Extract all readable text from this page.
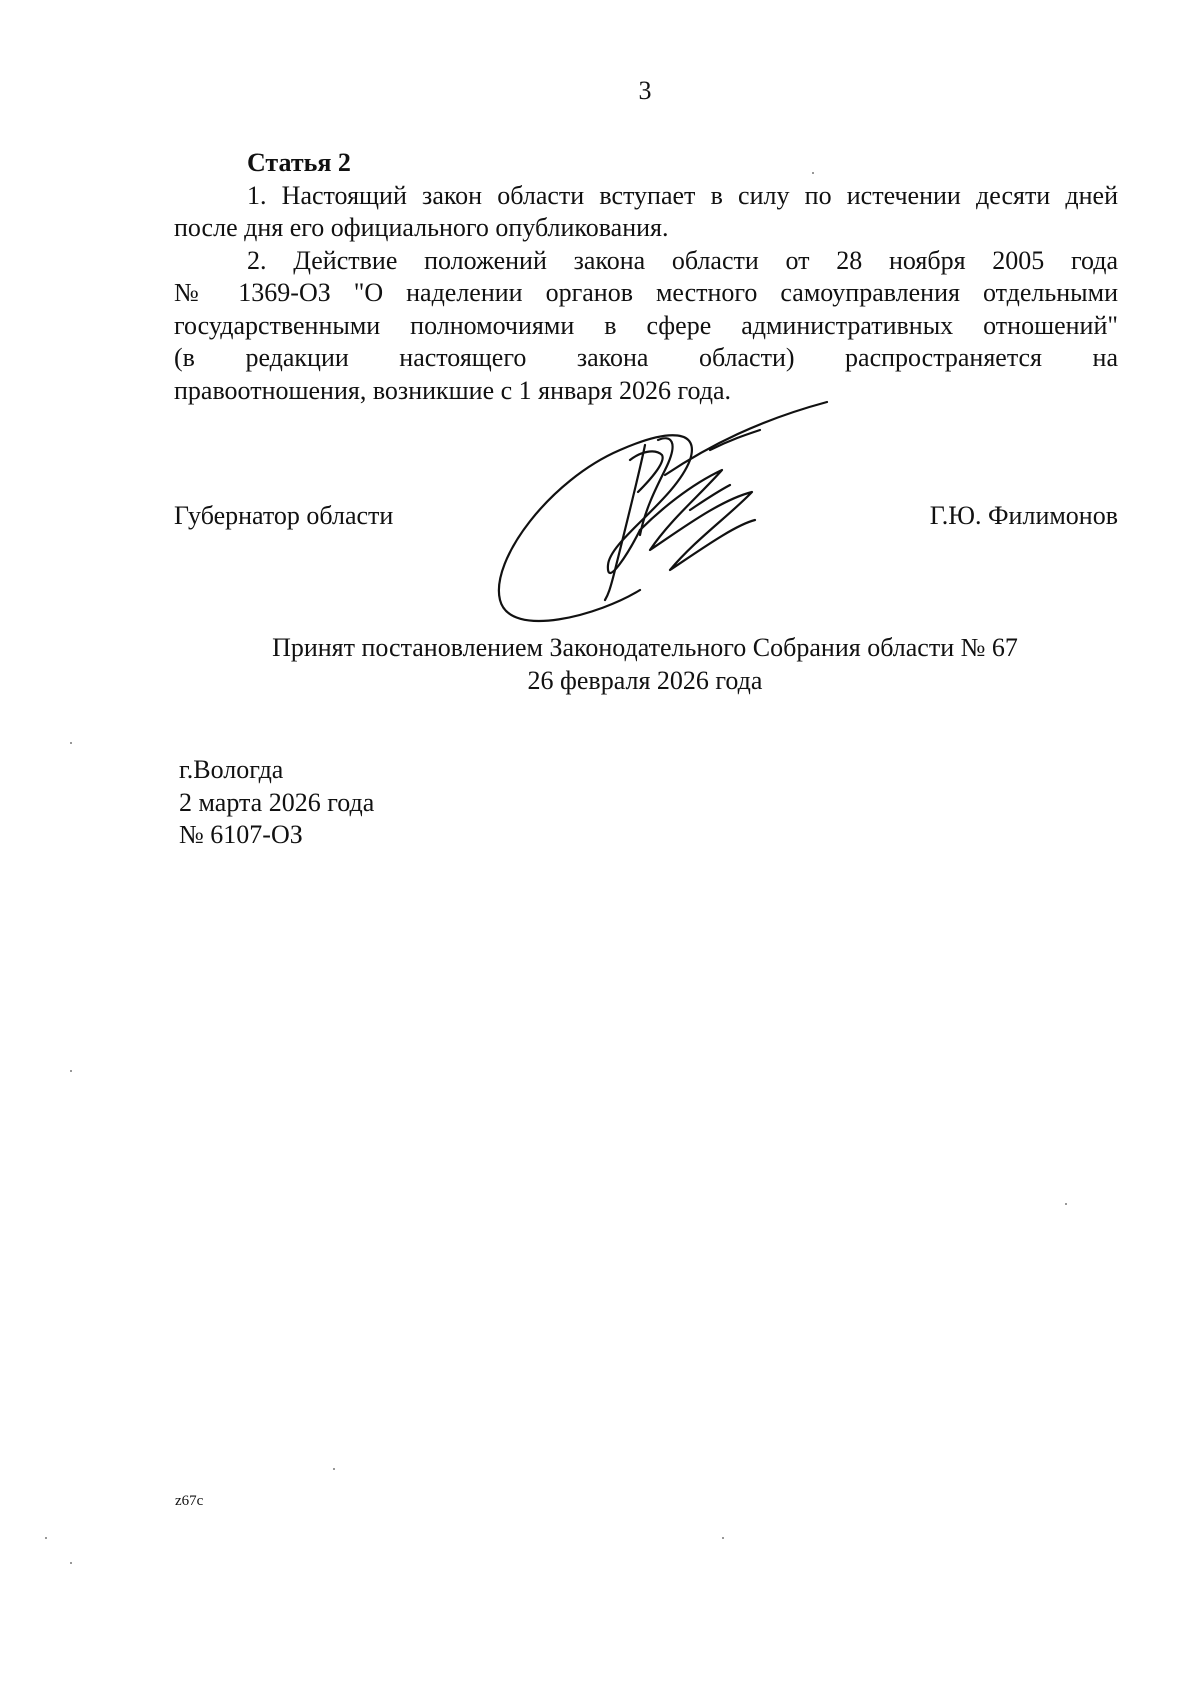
3

Статья 2

1. Настоящий закон области вступает в силу по истечении десяти дней
после дня его официального опубликования.

2. Действие положений закона области от 28 ноября 2005 года
№ 1369-ОЗ "О наделении органов местного самоуправления отдельными
государственными полномочиями в сфере административных отношений"
(в редакции настоящего закона области) распространяется на
правоотношения, возникшие с 1 января 2026 года.

Губернатор области	Г.Ю. Филимонов
Принят постановлением Законодательного Собрания области № 67
26 февраля 2026 года
г.Вологда
2 марта 2026 года
№ 6107-ОЗ
z67c
